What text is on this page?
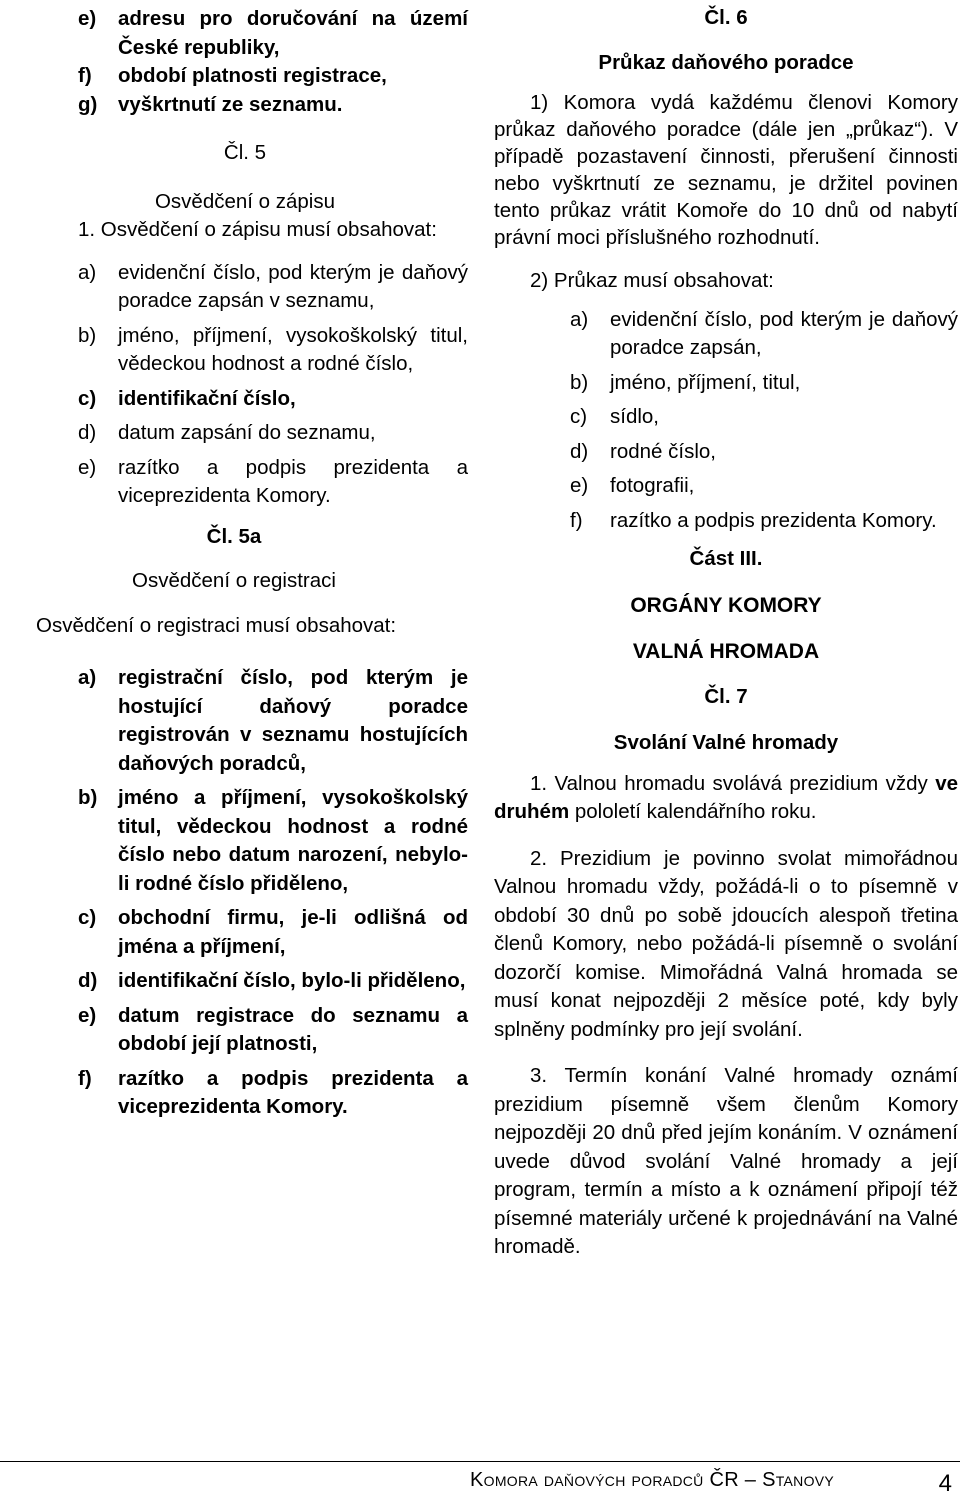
e)	adresu pro doručování na území České republiky,
f)	období platnosti registrace,
g)	vyškrtnutí ze seznamu.
Čl. 5
Osvědčení o zápisu
1. Osvědčení o zápisu musí obsahovat:
a)	evidenční číslo, pod kterým je daňový poradce zapsán v seznamu,
b)	jméno, příjmení, vysokoškolský titul, vědeckou hodnost a rodné číslo,
c)	identifikační číslo,
d)	datum zapsání do seznamu,
e)	razítko a podpis prezidenta a viceprezidenta Komory.
Čl. 5a
Osvědčení o registraci
Osvědčení o registraci musí obsahovat:
a)	registrační číslo, pod kterým je hostující daňový poradce registrován v seznamu hostujících daňových poradců,
b)	jméno a příjmení, vysokoškolský titul, vědeckou hodnost a rodné číslo nebo datum narození, nebylo-li rodné číslo přiděleno,
c)	obchodní firmu, je-li odlišná od jména a příjmení,
d)	identifikační číslo, bylo-li přiděleno,
e)	datum registrace do seznamu a období její platnosti,
f)	razítko a podpis prezidenta a viceprezidenta Komory.
Čl. 6
Průkaz daňového poradce
1) Komora vydá každému členovi Komory průkaz daňového poradce (dále jen „průkaz“). V případě pozastavení činnosti, přerušení činnosti nebo vyškrtnutí ze seznamu, je držitel povinen tento průkaz vrátit Komoře do 10 dnů od nabytí právní moci příslušného rozhodnutí.
2) Průkaz musí obsahovat:
a)	evidenční číslo, pod kterým je daňový poradce zapsán,
b)	jméno, příjmení, titul,
c)	sídlo,
d)	rodné číslo,
e)	fotografii,
f)	razítko a podpis prezidenta Komory.
Část III.
ORGÁNY KOMORY
VALNÁ HROMADA
Čl. 7
Svolání Valné hromady
1. Valnou hromadu svolává prezidium vždy ve druhém pololetí kalendářního roku.
2. Prezidium je povinno svolat mimořádnou Valnou hromadu vždy, požádá-li o to písemně v období 30 dnů po sobě jdoucích alespoň třetina členů Komory, nebo požádá-li písemně o svolání dozorčí komise. Mimořádná Valná hromada se musí konat nejpozději 2 měsíce poté, kdy byly splněny podmínky pro její svolání.
3. Termín konání Valné hromady oznámí prezidium písemně všem členům Komory nejpozději 20 dnů před jejím konáním. V oznámení uvede důvod svolání Valné hromady a její program, termín a místo a k oznámení připojí též písemné materiály určené k projednávání na Valné hromadě.
Komora daňových poradců ČR – Stanovy	4
